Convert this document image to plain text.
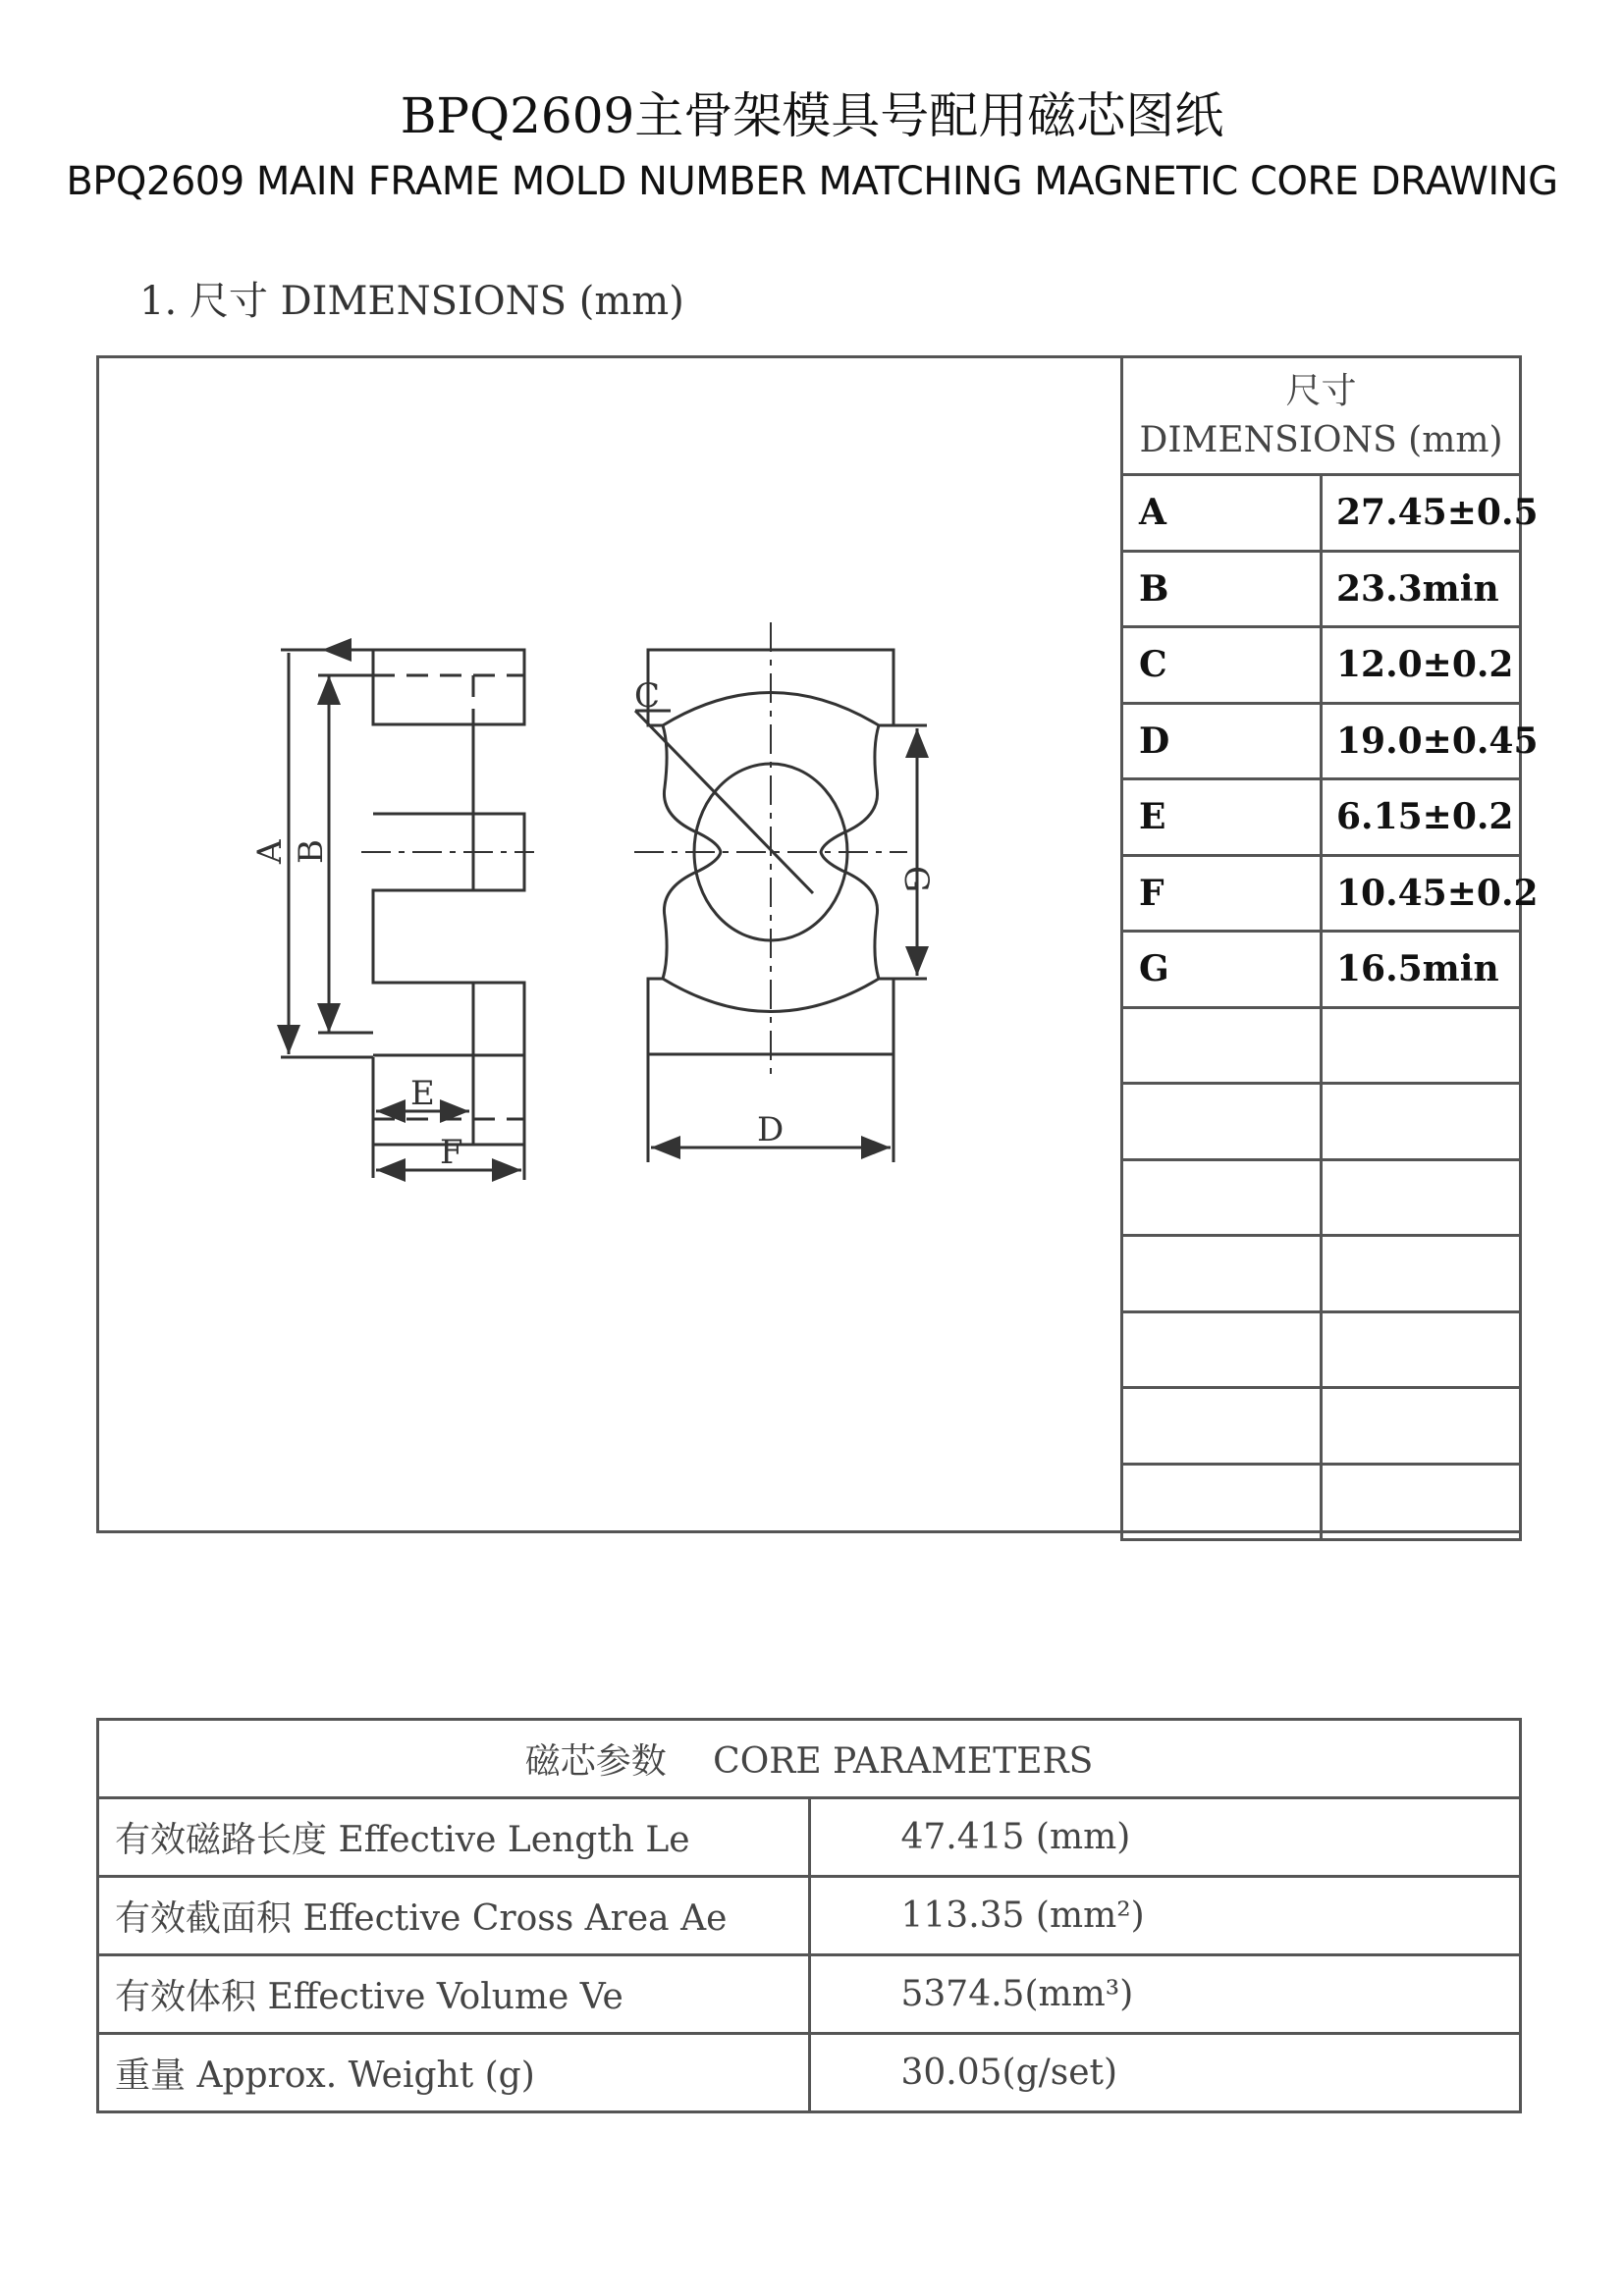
BPQ2609主骨架模具号配用磁芯图纸
BPQ2609 MAIN FRAME MOLD NUMBER MATCHING MAGNETIC CORE DRAWING
1. 尺寸 DIMENSIONS (mm)
A B
C
D
E
F
G
尺寸
DIMENSIONS (mm)	

A	27.45±0.5
B	23.3min
C	12.0±0.2
D	19.0±0.45
E	6.15±0.2
F	10.45±0.2
G	16.5min

磁芯参数　 CORE PARAMETERS	
有效磁路长度 Effective Length Le	47.415 (mm)
有效截面积 Effective Cross Area Ae	113.35 (mm²)
有效体积 Effective Volume Ve	5374.5(mm³)
重量 Approx. Weight (g)	30.05(g/set)
